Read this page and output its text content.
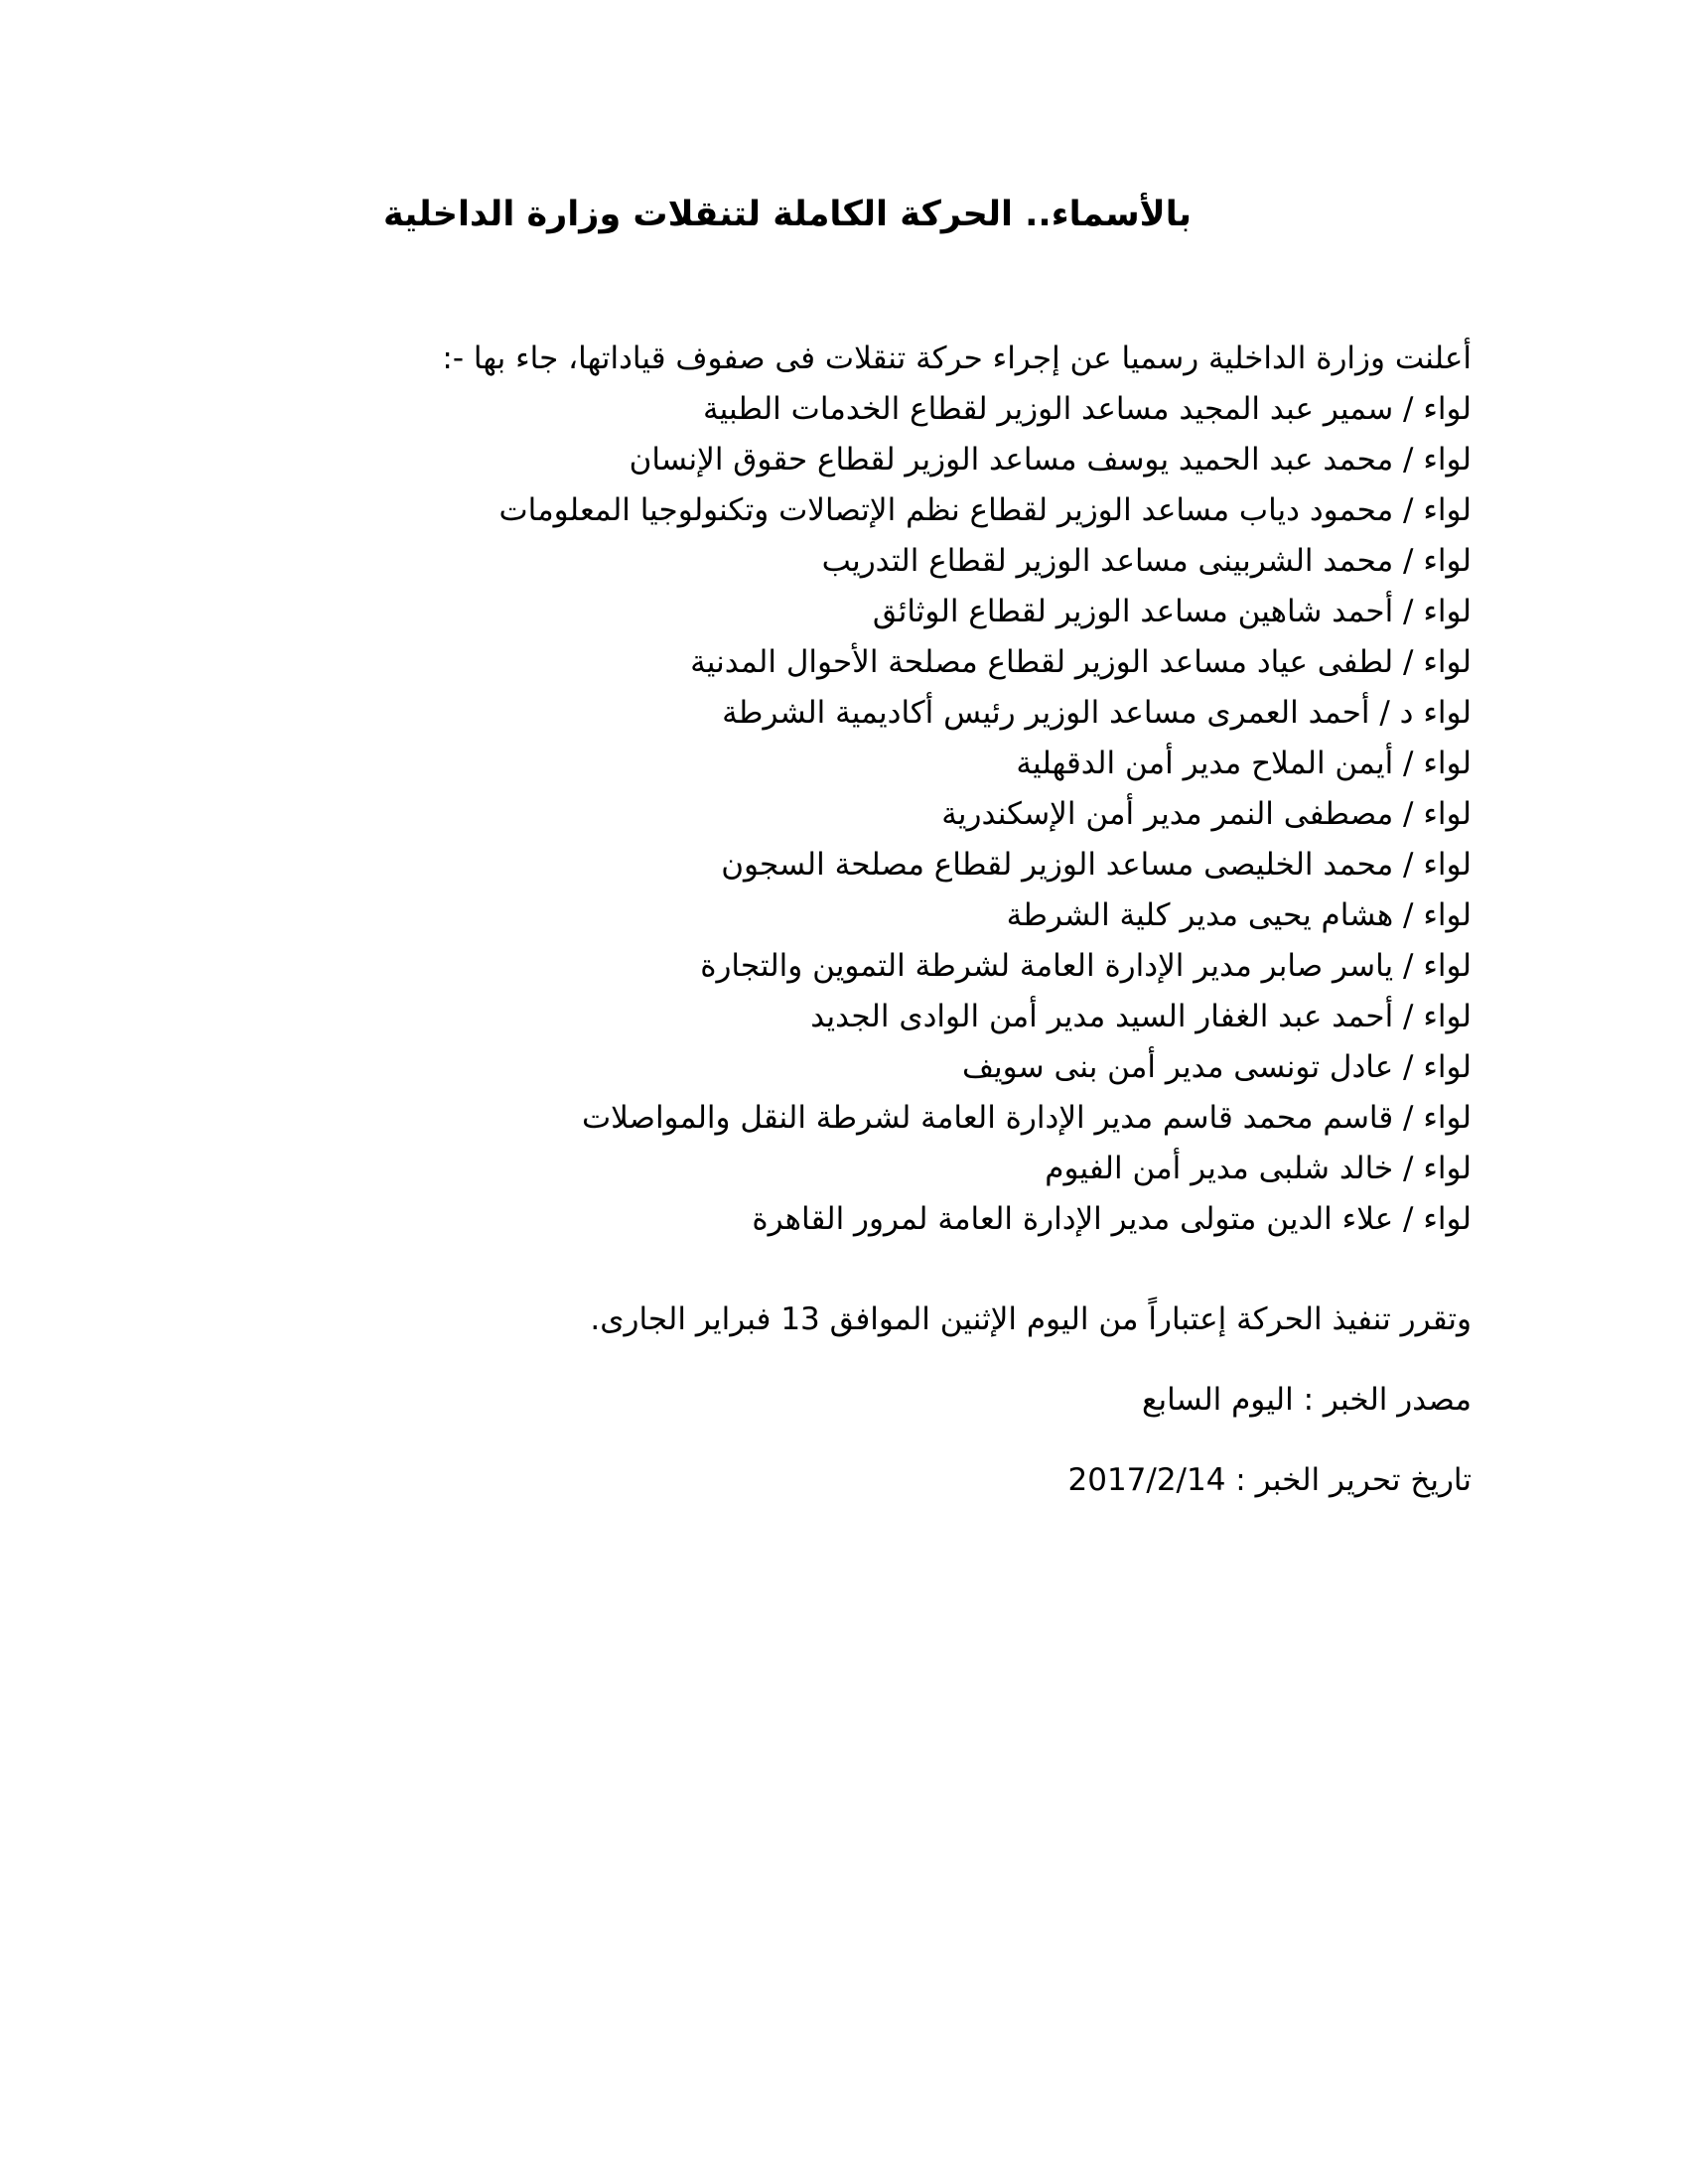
بالأسماء.. الحركة الكاملة لتنقلات وزارة الداخلية

أعلنت وزارة الداخلية رسميا عن إجراء حركة تنقلات فى صفوف قياداتها، جاء بها -:

لواء / سمير عبد المجيد مساعد الوزير لقطاع الخدمات الطبية

لواء / محمد عبد الحميد يوسف مساعد الوزير لقطاع حقوق الإنسان

لواء / محمود دياب مساعد الوزير لقطاع نظم الإتصالات وتكنولوجيا المعلومات

لواء / محمد الشربينى مساعد الوزير لقطاع التدريب

لواء / أحمد شاهين مساعد الوزير لقطاع الوثائق

لواء / لطفى عياد مساعد الوزير لقطاع مصلحة الأحوال المدنية

لواء د / أحمد العمرى مساعد الوزير رئيس أكاديمية الشرطة

لواء / أيمن الملاح مدير أمن الدقهلية

لواء / مصطفى النمر مدير أمن الإسكندرية

لواء / محمد الخليصى مساعد الوزير لقطاع مصلحة السجون

لواء / هشام يحيى مدير كلية الشرطة

لواء / ياسر صابر مدير الإدارة العامة لشرطة التموين والتجارة

لواء / أحمد عبد الغفار السيد مدير أمن الوادى الجديد

لواء / عادل تونسى مدير أمن بنى سويف

لواء / قاسم محمد قاسم مدير الإدارة العامة لشرطة النقل والمواصلات

لواء / خالد شلبى مدير أمن الفيوم

لواء / علاء الدين متولى مدير الإدارة العامة لمرور القاهرة

وتقرر تنفيذ الحركة إعتباراً من اليوم الإثنين الموافق 13 فبراير الجارى.

مصدر الخبر : اليوم السابع

تاريخ تحرير الخبر : 2017/2/14
